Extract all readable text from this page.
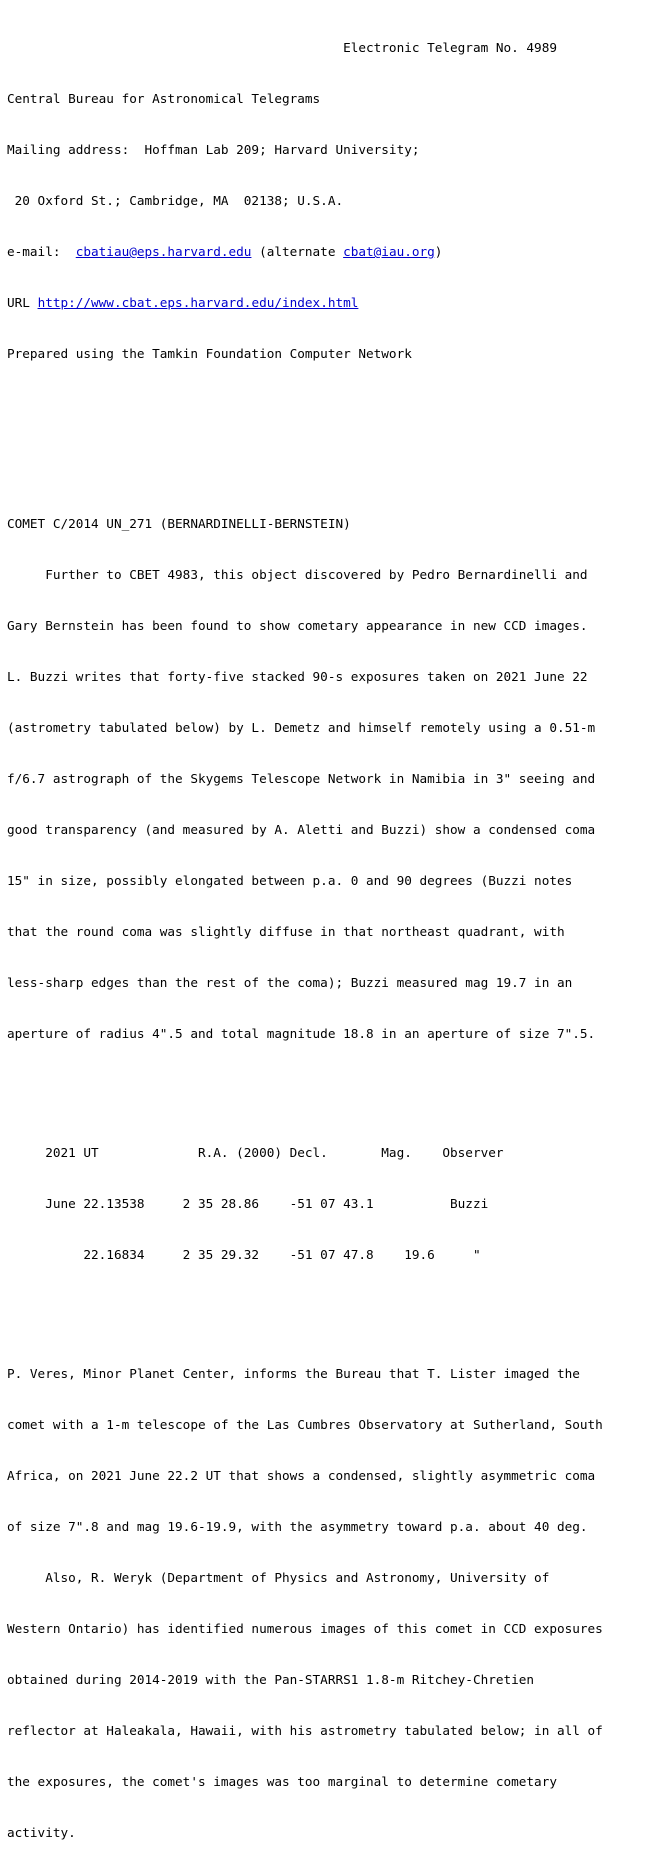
Electronic Telegram No. 4989

Central Bureau for Astronomical Telegrams

Mailing address:  Hoffman Lab 209; Harvard University;

20 Oxford St.; Cambridge, MA  02138; U.S.A.

e-mail:  cbatiau@eps.harvard.edu (alternate cbat@iau.org)

URL http://www.cbat.eps.harvard.edu/index.html

Prepared using the Tamkin Foundation Computer Network

COMET C/2014 UN_271 (BERNARDINELLI-BERNSTEIN)

Further to CBET 4983, this object discovered by Pedro Bernardinelli and

Gary Bernstein has been found to show cometary appearance in new CCD images.

L. Buzzi writes that forty-five stacked 90-s exposures taken on 2021 June 22

(astrometry tabulated below) by L. Demetz and himself remotely using a 0.51-m

f/6.7 astrograph of the Skygems Telescope Network in Namibia in 3" seeing and

good transparency (and measured by A. Aletti and Buzzi) show a condensed coma

15" in size, possibly elongated between p.a. 0 and 90 degrees (Buzzi notes

that the round coma was slightly diffuse in that northeast quadrant, with

less-sharp edges than the rest of the coma); Buzzi measured mag 19.7 in an

aperture of radius 4".5 and total magnitude 18.8 in an aperture of size 7".5.

2021 UT             R.A. (2000) Decl.       Mag.    Observer

June 22.13538     2 35 28.86    -51 07 43.1          Buzzi

22.16834     2 35 29.32    -51 07 47.8    19.6     "

P. Veres, Minor Planet Center, informs the Bureau that T. Lister imaged the

comet with a 1-m telescope of the Las Cumbres Observatory at Sutherland, South

Africa, on 2021 June 22.2 UT that shows a condensed, slightly asymmetric coma

of size 7".8 and mag 19.6-19.9, with the asymmetry toward p.a. about 40 deg.

Also, R. Weryk (Department of Physics and Astronomy, University of

Western Ontario) has identified numerous images of this comet in CCD exposures

obtained during 2014-2019 with the Pan-STARRS1 1.8-m Ritchey-Chretien

reflector at Haleakala, Hawaii, with his astrometry tabulated below; in all of

the exposures, the comet's images was too marginal to determine cometary

activity.
